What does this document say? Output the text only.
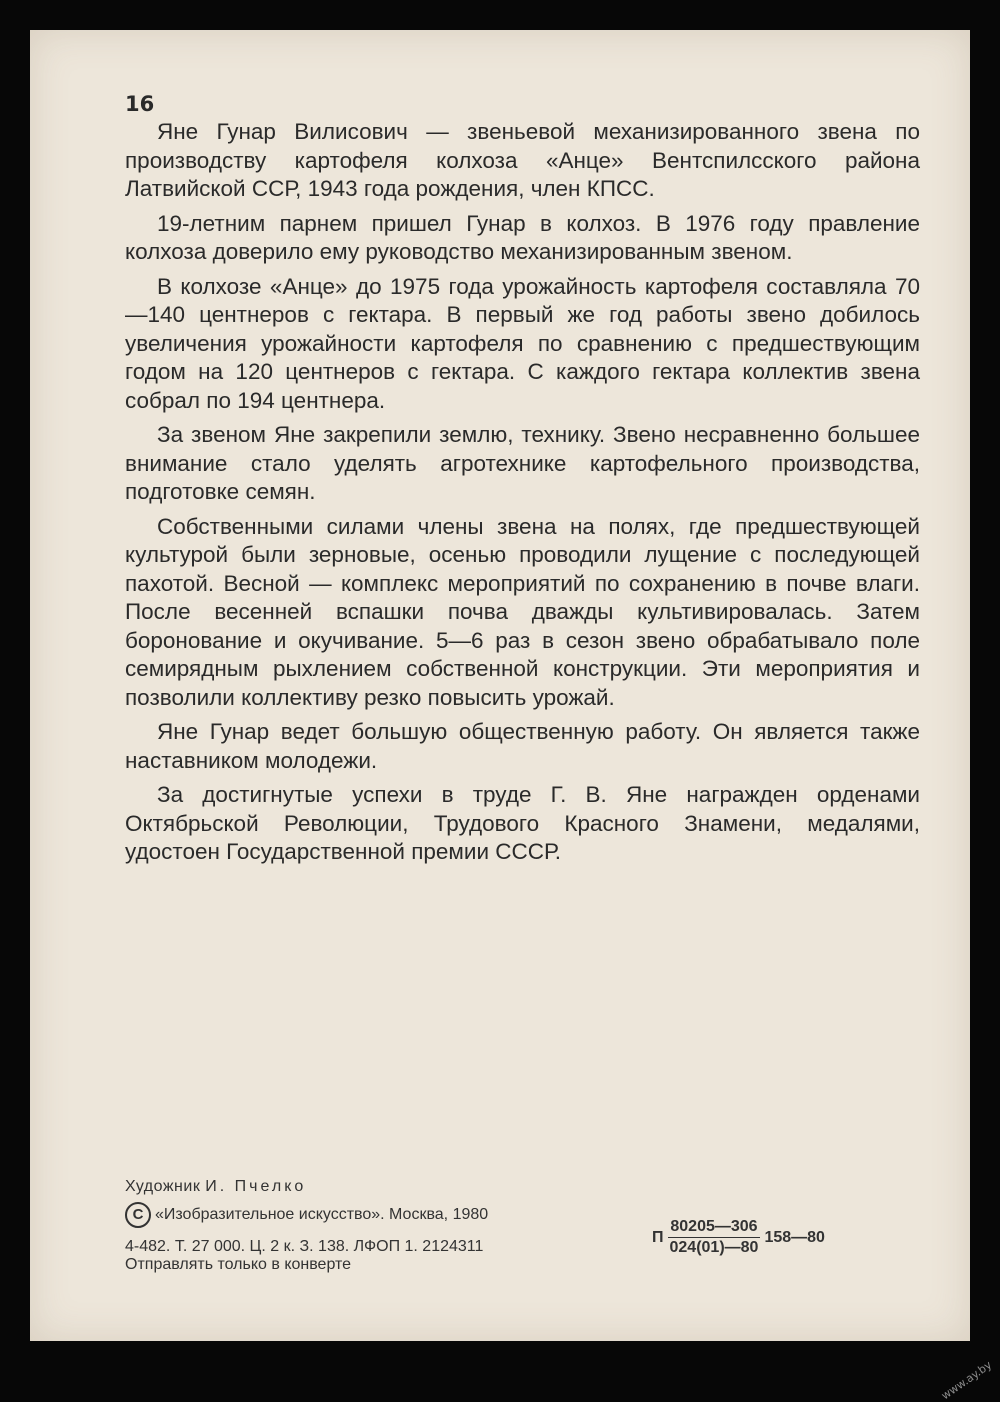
16

Яне Гунар Вилисович — звеньевой механизированного звена по производству картофеля колхоза «Анце» Вентспилсского района Латвийской ССР, 1943 года рождения, член КПСС.

19-летним парнем пришел Гунар в колхоз. В 1976 году правление колхоза доверило ему руководство механизированным звеном.

В колхозе «Анце» до 1975 года урожайность картофеля составляла 70—140 центнеров с гектара. В первый же год работы звено добилось увеличения урожайности картофеля по сравнению с предшествующим годом на 120 центнеров с гектара. С каждого гектара коллектив звена собрал по 194 центнера.

За звеном Яне закрепили землю, технику. Звено несравненно большее внимание стало уделять агротехнике картофельного производства, подготовке семян.

Собственными силами члены звена на полях, где предшествующей культурой были зерновые, осенью проводили лущение с последующей пахотой. Весной — комплекс мероприятий по сохранению в почве влаги. После весенней вспашки почва дважды культивировалась. Затем боронование и окучивание. 5—6 раз в сезон звено обрабатывало поле семирядным рыхлением собственной конструкции. Эти мероприятия и позволили коллективу резко повысить урожай.

Яне Гунар ведет большую общественную работу. Он является также наставником молодежи.

За достигнутые успехи в труде Г. В. Яне награжден орденами Октябрьской Революции, Трудового Красного Знамени, медалями, удостоен Государственной премии СССР.

Художник И. Пчелко
C «Изобразительное искусство». Москва, 1980
4-482. Т. 27 000. Ц. 2 к. З. 138. ЛФОП 1. 2124311
Отправлять только в конверте
П $\frac{80205—306}{024(01)—80}$ 158—80
